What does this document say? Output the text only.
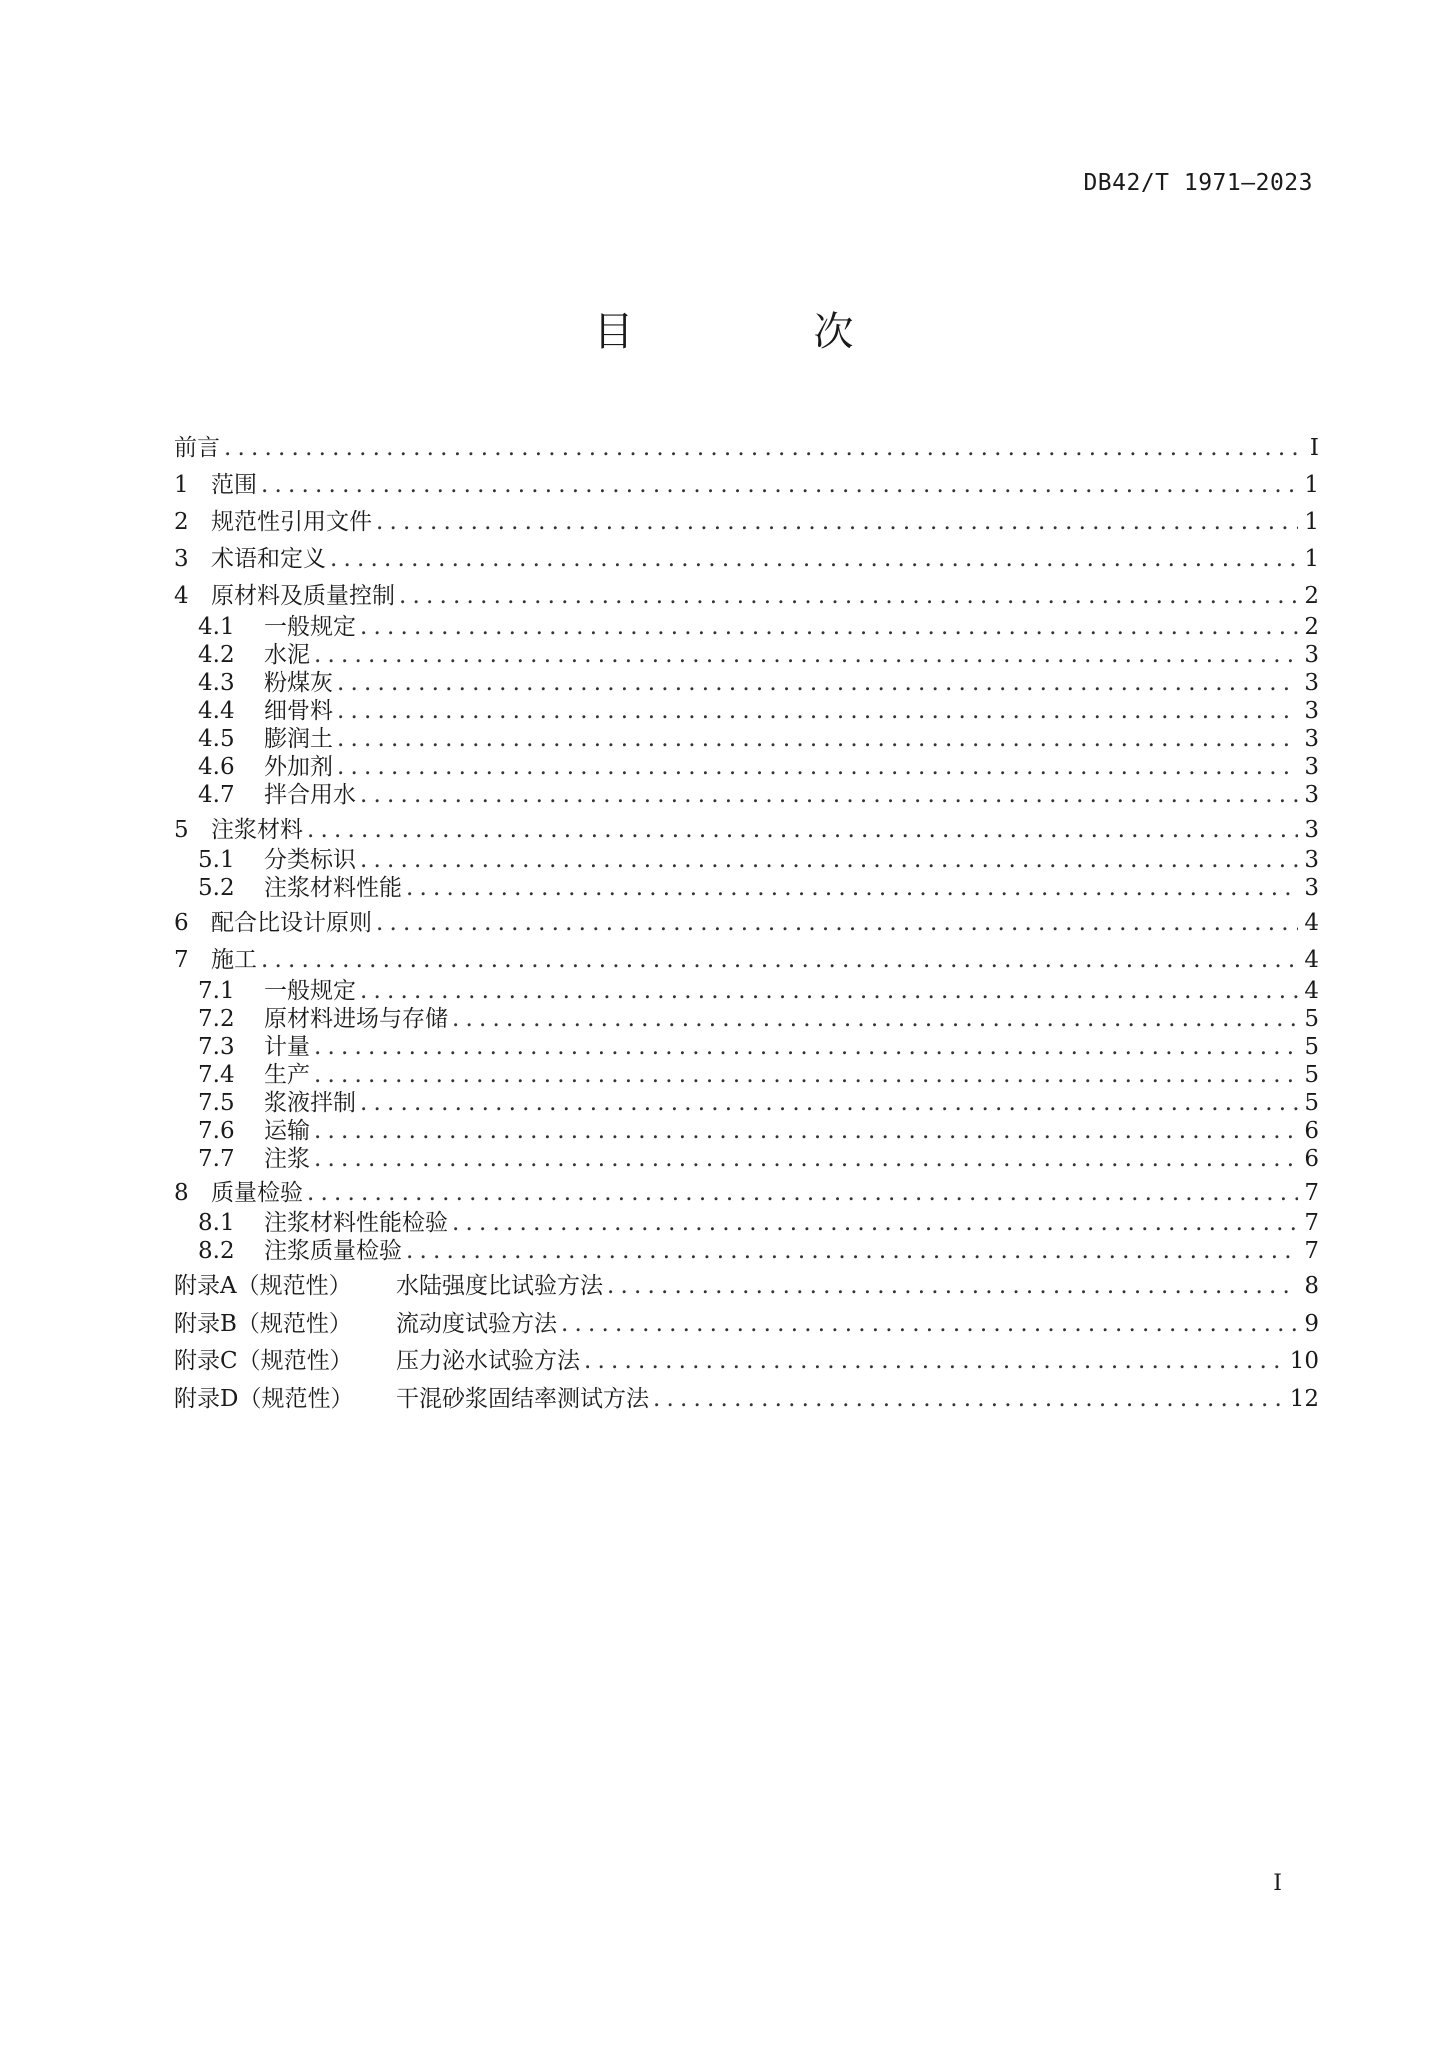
DB42/T 1971—2023
目　次
前言 .....	I
1 范围 .....	1
2 规范性引用文件 .....	1
3 术语和定义 .....	1
4 原材料及质量控制 .....	2
4.1	一般规定 .....	2
4.2	水泥 .....	3
4.3	粉煤灰 .....	3
4.4	细骨料 .....	3
4.5	膨润土 .....	3
4.6	外加剂 .....	3
4.7	拌合用水 .....	3
5 注浆材料 .....	3
5.1	分类标识 .....	3
5.2	注浆材料性能 .....	3
6 配合比设计原则 .....	4
7 施工 .....	4
7.1	一般规定 .....	4
7.2	原材料进场与存储 .....	5
7.3	计量 .....	5
7.4	生产 .....	5
7.5	浆液拌制 .....	5
7.6	运输 .....	6
7.7	注浆 .....	6
8 质量检验 .....	7
8.1	注浆材料性能检验 .....	7
8.2	注浆质量检验 .....	7
附录A（规范性）	水陆强度比试验方法 .....	8
附录B（规范性）	流动度试验方法 .....	9
附录C（规范性）	压力泌水试验方法 .....	10
附录D（规范性）	干混砂浆固结率测试方法 .....	12
I
